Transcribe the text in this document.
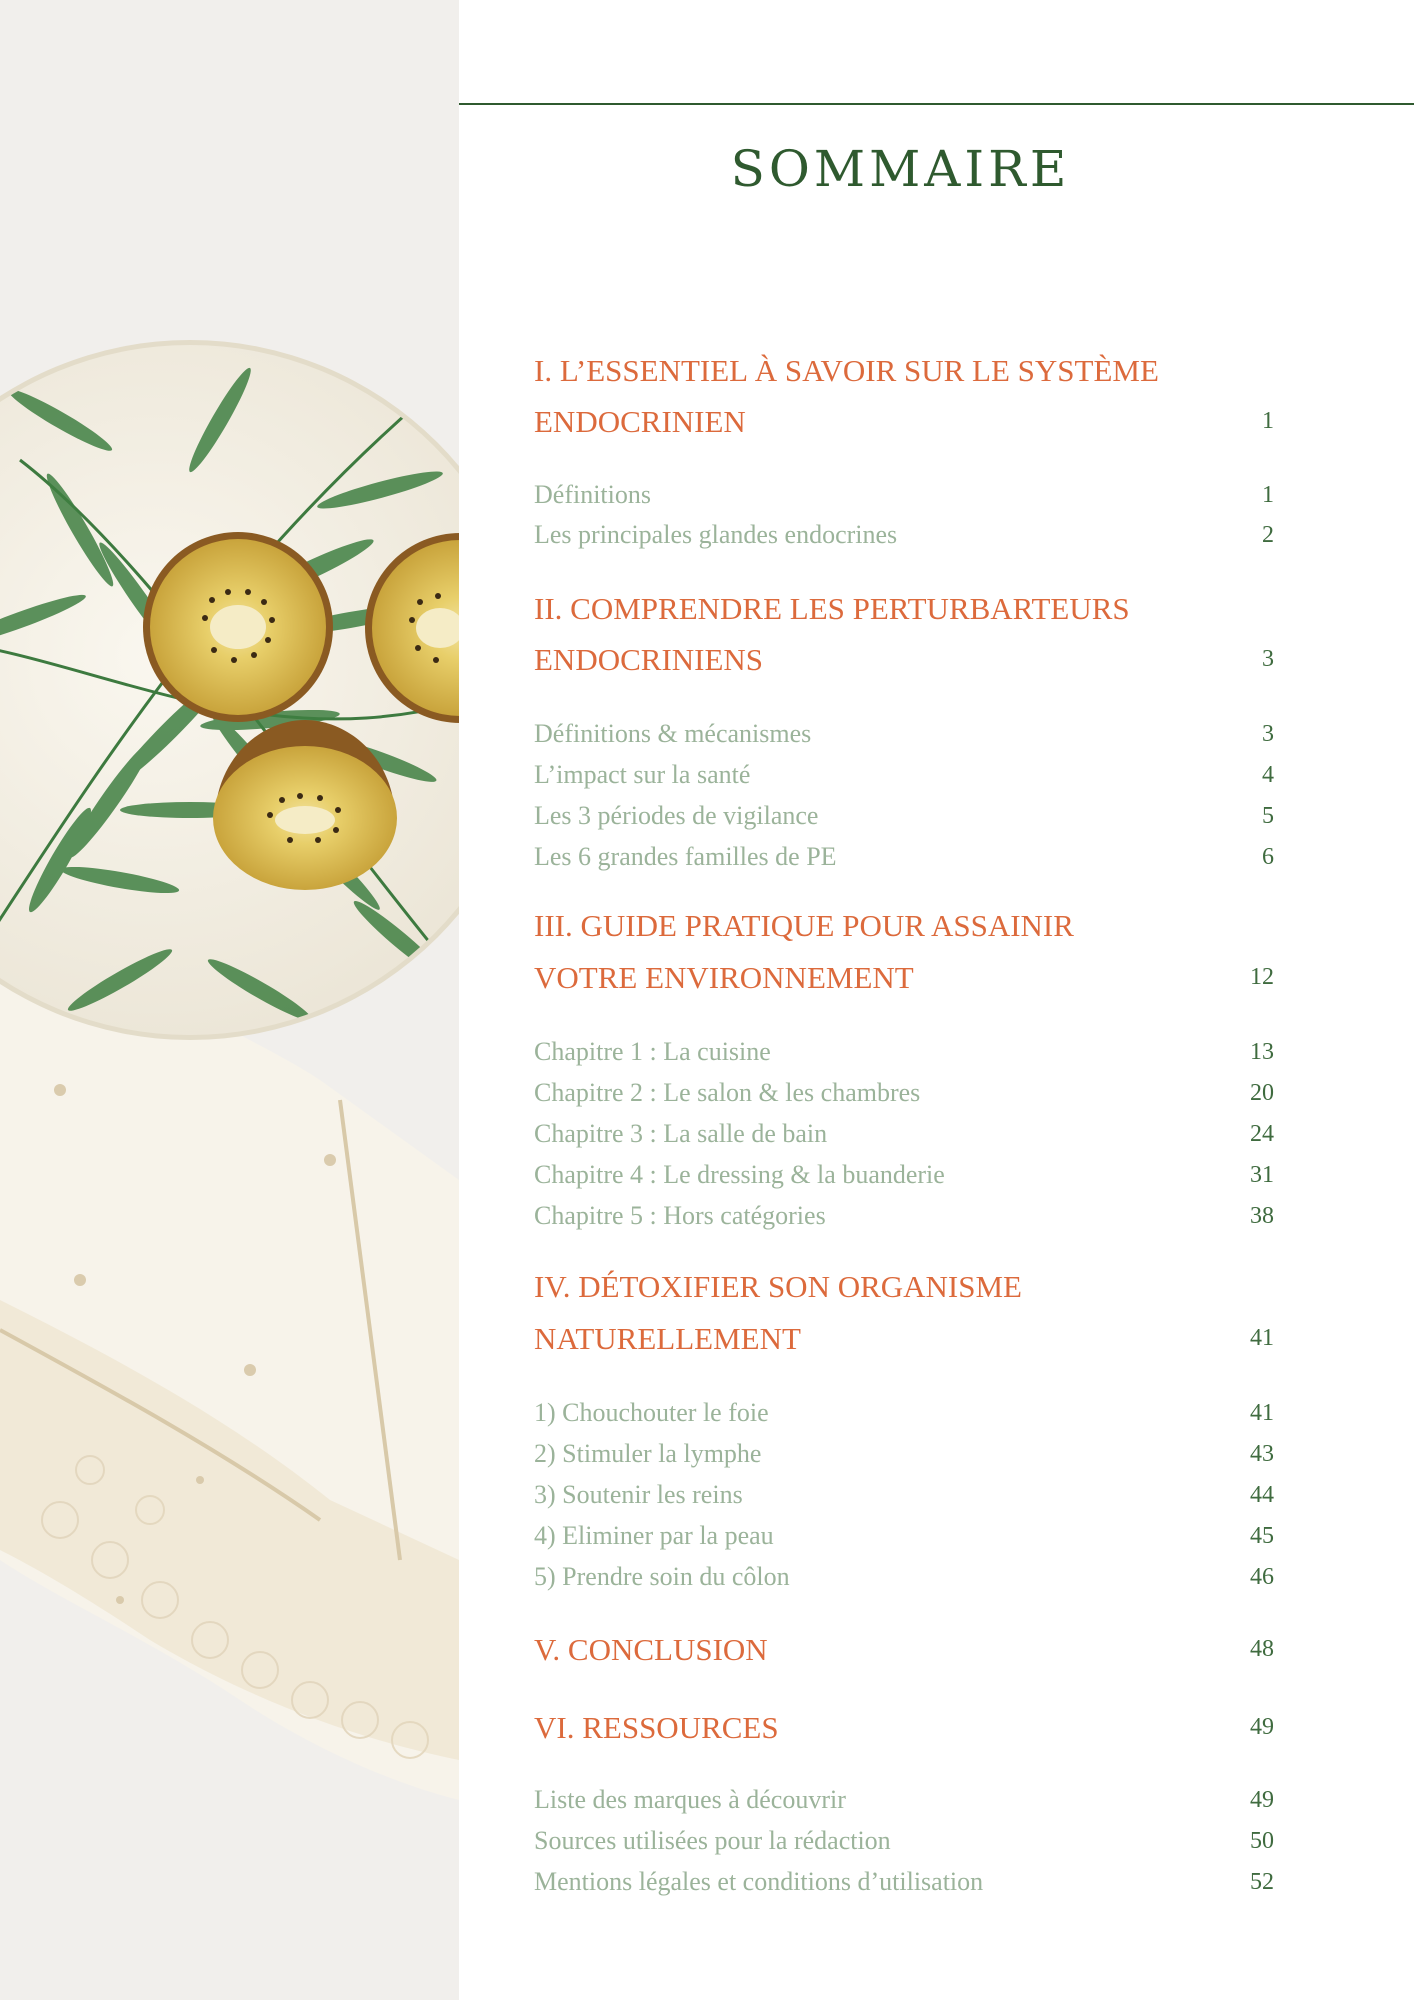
SOMMAIRE
I. L’ESSENTIEL À SAVOIR SUR LE SYSTÈME
ENDOCRINIEN	1
Définitions	1
Les principales glandes endocrines	2
II. COMPRENDRE LES PERTURBARTEURS
ENDOCRINIENS	3
Définitions & mécanismes	3
L’impact sur la santé	4
Les 3 périodes de vigilance	5
Les 6 grandes familles de PE	6
III. GUIDE PRATIQUE POUR ASSAINIR
VOTRE ENVIRONNEMENT	12
Chapitre 1 : La cuisine	13
Chapitre 2 : Le salon & les chambres	20
Chapitre 3 : La salle de bain	24
Chapitre 4 : Le dressing & la buanderie	31
Chapitre 5 : Hors catégories	38
IV. DÉTOXIFIER SON ORGANISME
NATURELLEMENT	41
1) Chouchouter le foie	41
2) Stimuler la lymphe	43
3) Soutenir les reins	44
4) Eliminer par la peau	45
5) Prendre soin du côlon	46
V. CONCLUSION	48
VI. RESSOURCES	49
Liste des marques à découvrir	49
Sources utilisées pour la rédaction	50
Mentions légales et conditions d’utilisation	52
